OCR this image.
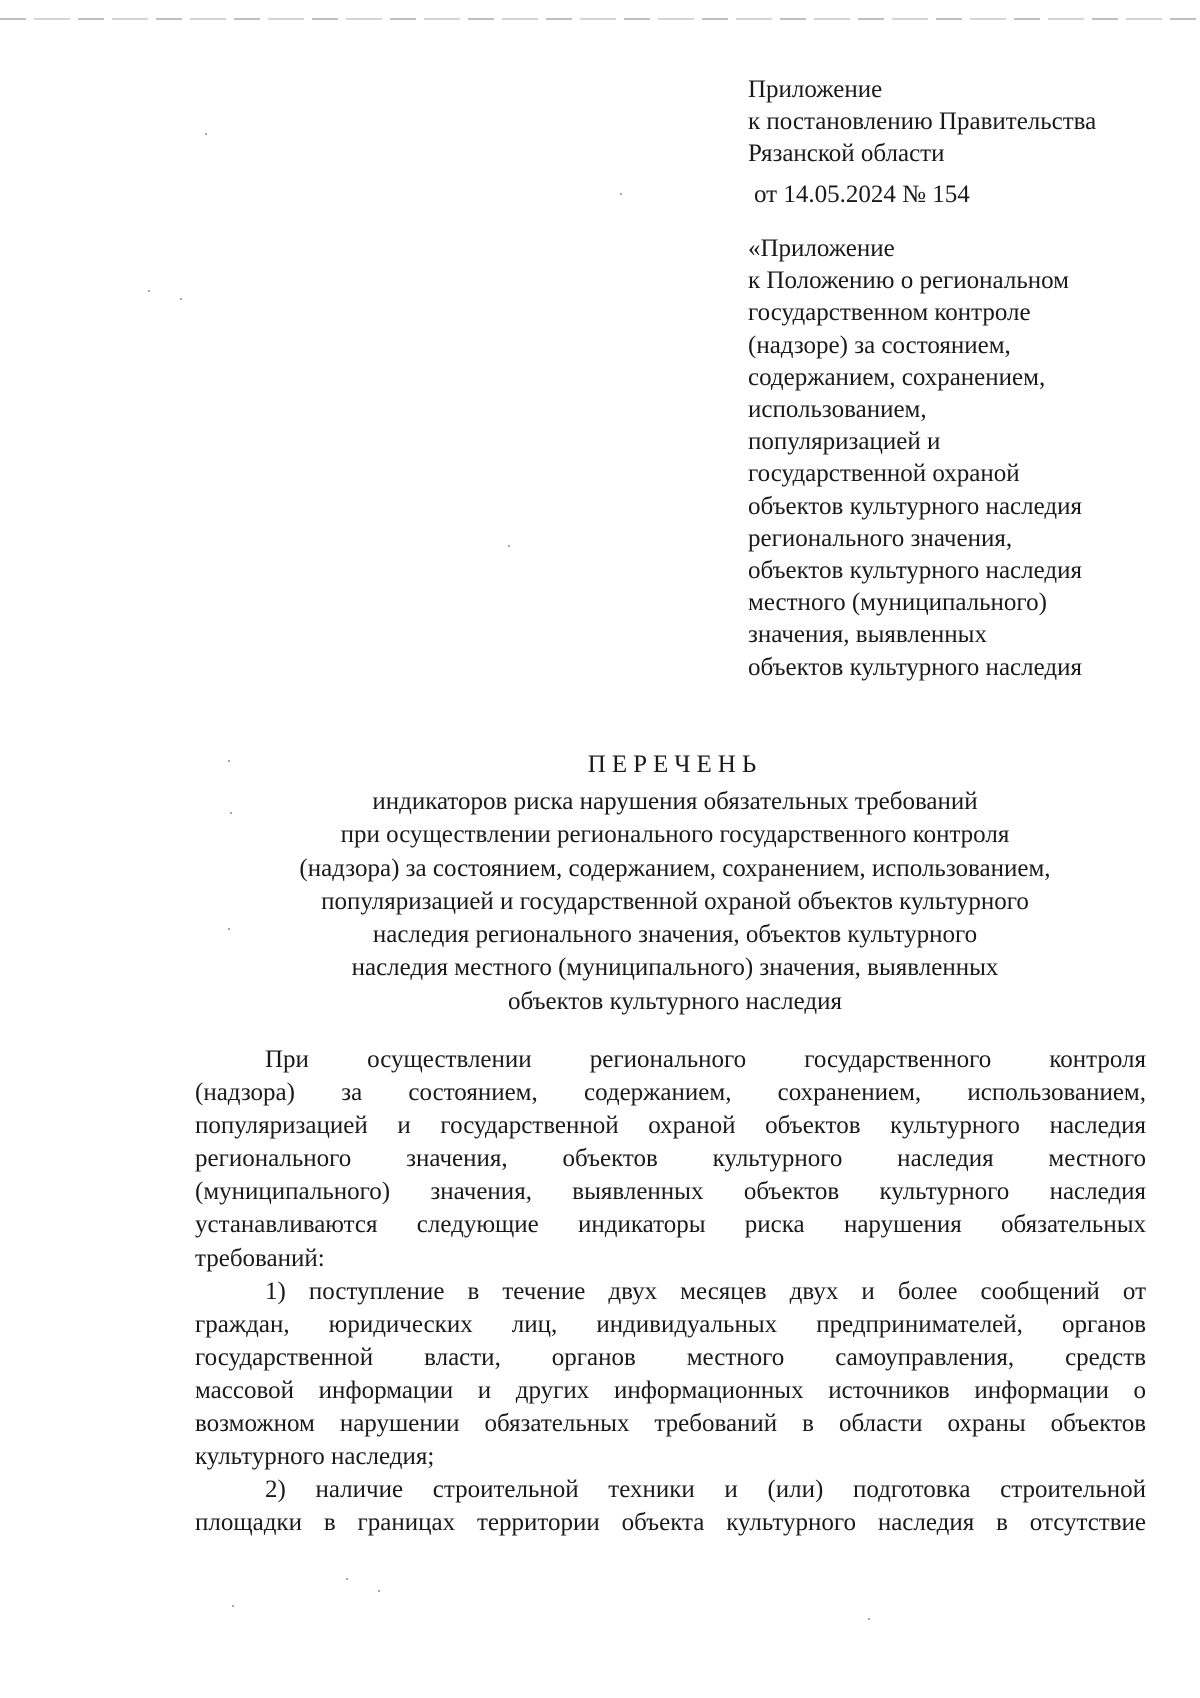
Приложение
к постановлению Правительства
Рязанской области
от 14.05.2024 № 154
«Приложение
к Положению о региональном
государственном контроле
(надзоре) за состоянием,
содержанием, сохранением,
использованием,
популяризацией и
государственной охраной
объектов культурного наследия
регионального значения,
объектов культурного наследия
местного (муниципального)
значения, выявленных
объектов культурного наследия
ПЕРЕЧЕНЬ
индикаторов риска нарушения обязательных требований
при осуществлении регионального государственного контроля
(надзора) за состоянием, содержанием, сохранением, использованием,
популяризацией и государственной охраной объектов культурного
наследия регионального значения, объектов культурного
наследия местного (муниципального) значения, выявленных
объектов культурного наследия
При осуществлении регионального государственного контроля
(надзора) за состоянием, содержанием, сохранением, использованием,
популяризацией и государственной охраной объектов культурного наследия
регионального значения, объектов культурного наследия местного
(муниципального) значения, выявленных объектов культурного наследия
устанавливаются следующие индикаторы риска нарушения обязательных
требований:
1) поступление в течение двух месяцев двух и более сообщений от
граждан, юридических лиц, индивидуальных предпринимателей, органов
государственной власти, органов местного самоуправления, средств
массовой информации и других информационных источников информации о
возможном нарушении обязательных требований в области охраны объектов
культурного наследия;
2) наличие строительной техники и (или) подготовка строительной
площадки в границах территории объекта культурного наследия в отсутствие
